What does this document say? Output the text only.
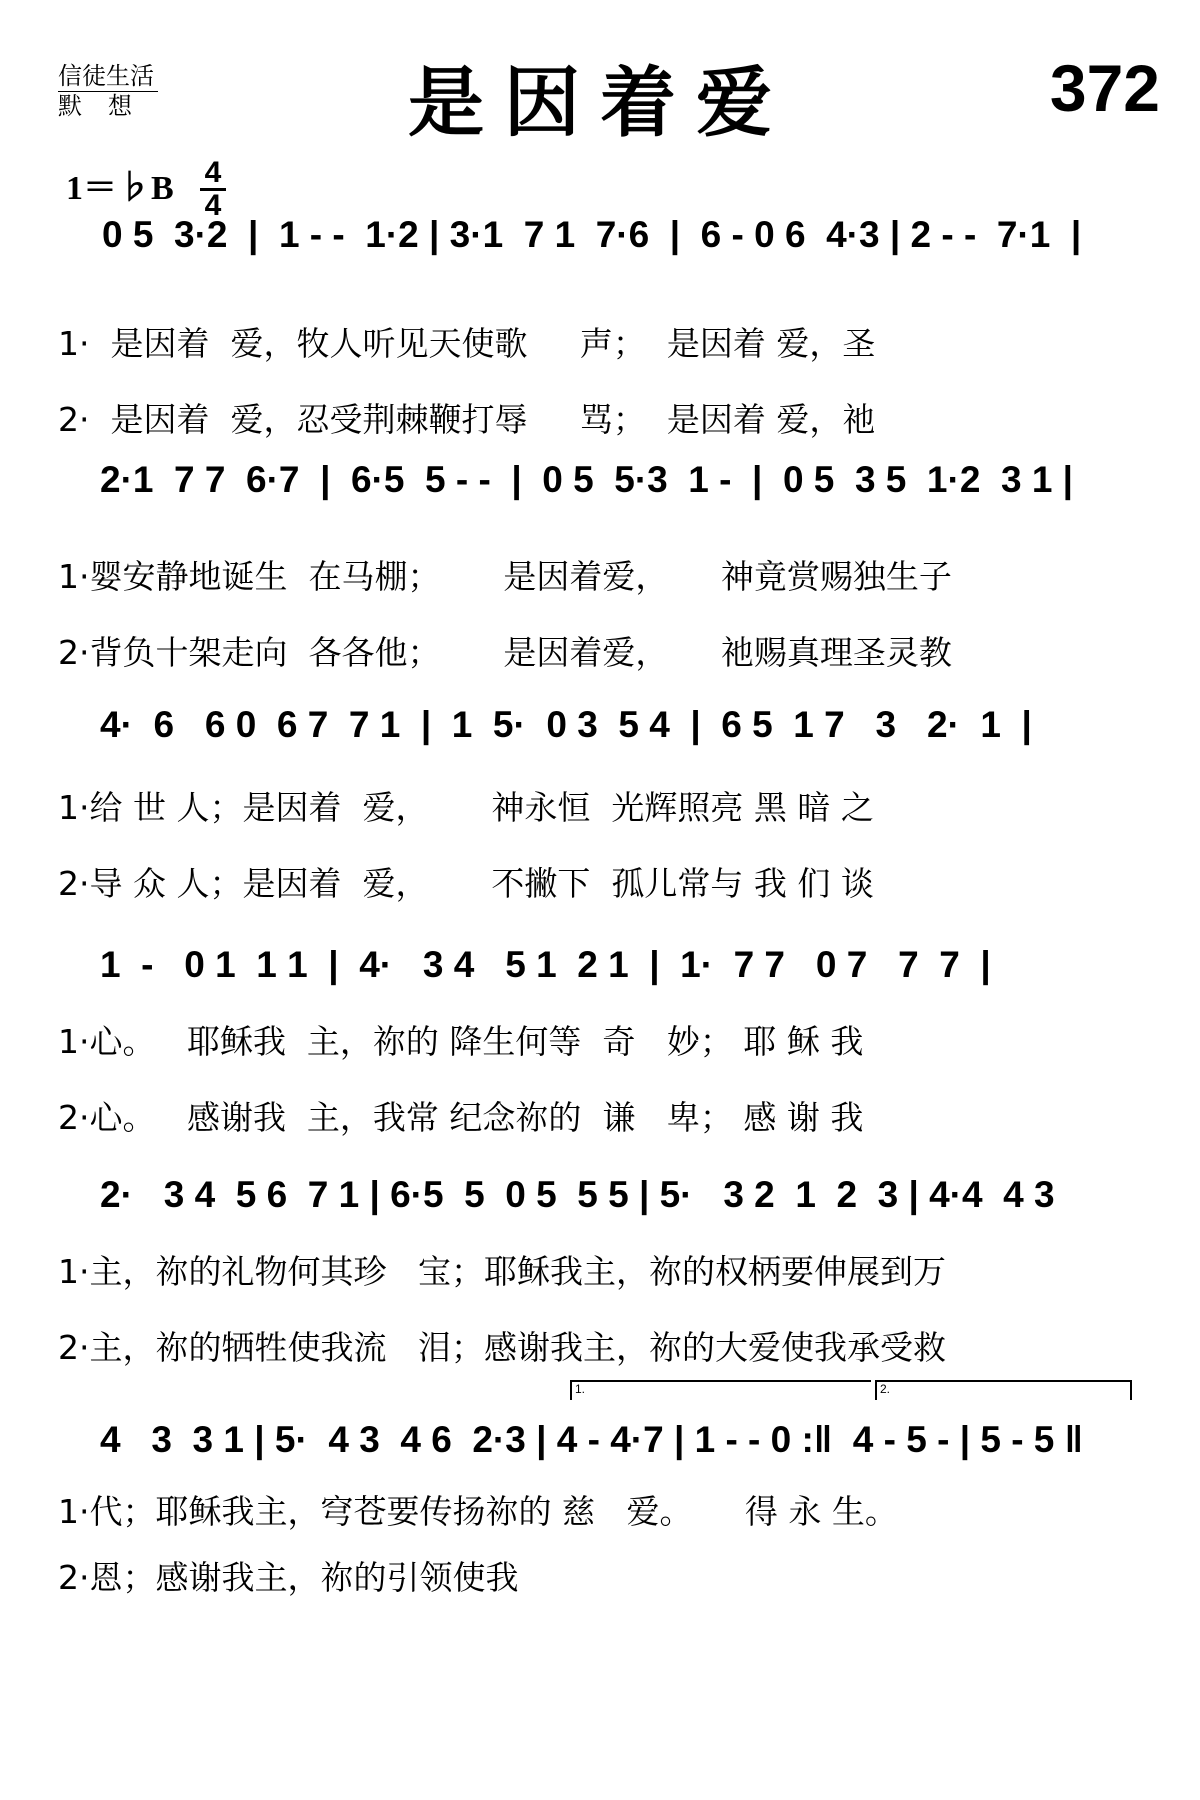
信徒生活
默想	是因着爱	372
1＝♭B 4
4

0 5  3·2  |  1 - -  1·2 | 3·1  7 1  7·6  |  6 - 0 6  4·3 | 2 - -  7·1  |

1·  是因着  爱，牧人听见天使歌     声；  是因着 爱，圣
2·  是因着  爱，忍受荆棘鞭打辱     骂；  是因着 爱，祂

2·1  7 7  6·7  |  6·5  5 - -  |  0 5  5·3  1 -  |  0 5  3 5  1·2  3 1 |

1·婴安静地诞生  在马棚；      是因着爱，     神竟赏赐独生子
2·背负十架走向  各各他；      是因着爱，     祂赐真理圣灵教

4·  6   6 0  6 7  7 1  |  1  5·  0 3  5 4  |  6 5  1 7   3   2·  1  |

1·给 世 人；是因着  爱，      神永恒  光辉照亮 黑 暗 之
2·导 众 人；是因着  爱，      不撇下  孤儿常与 我 们 谈

1  -   0 1  1 1  |  4·   3 4   5 1  2 1  |  1·  7 7   0 7   7  7  |

1·心。   耶稣我  主，祢的 降生何等  奇   妙； 耶 稣 我
2·心。   感谢我  主，我常 纪念祢的  谦   卑； 感 谢 我

2·   3 4  5 6  7 1 | 6·5  5  0 5  5 5 | 5·   3 2  1  2  3 | 4·4  4 3

1·主，祢的礼物何其珍   宝；耶稣我主，祢的权柄要伸展到万
2·主，祢的牺牲使我流   泪；感谢我主，祢的大爱使我承受救
1.	2.

4   3  3 1 | 5·  4 3  4 6  2·3 | 4 - 4·7 | 1 - - 0 :‖  4 - 5 - | 5 - 5 ‖

1·代；耶稣我主，穹苍要传扬祢的 慈   爱。     得 永 生。
2·恩；感谢我主，祢的引领使我
